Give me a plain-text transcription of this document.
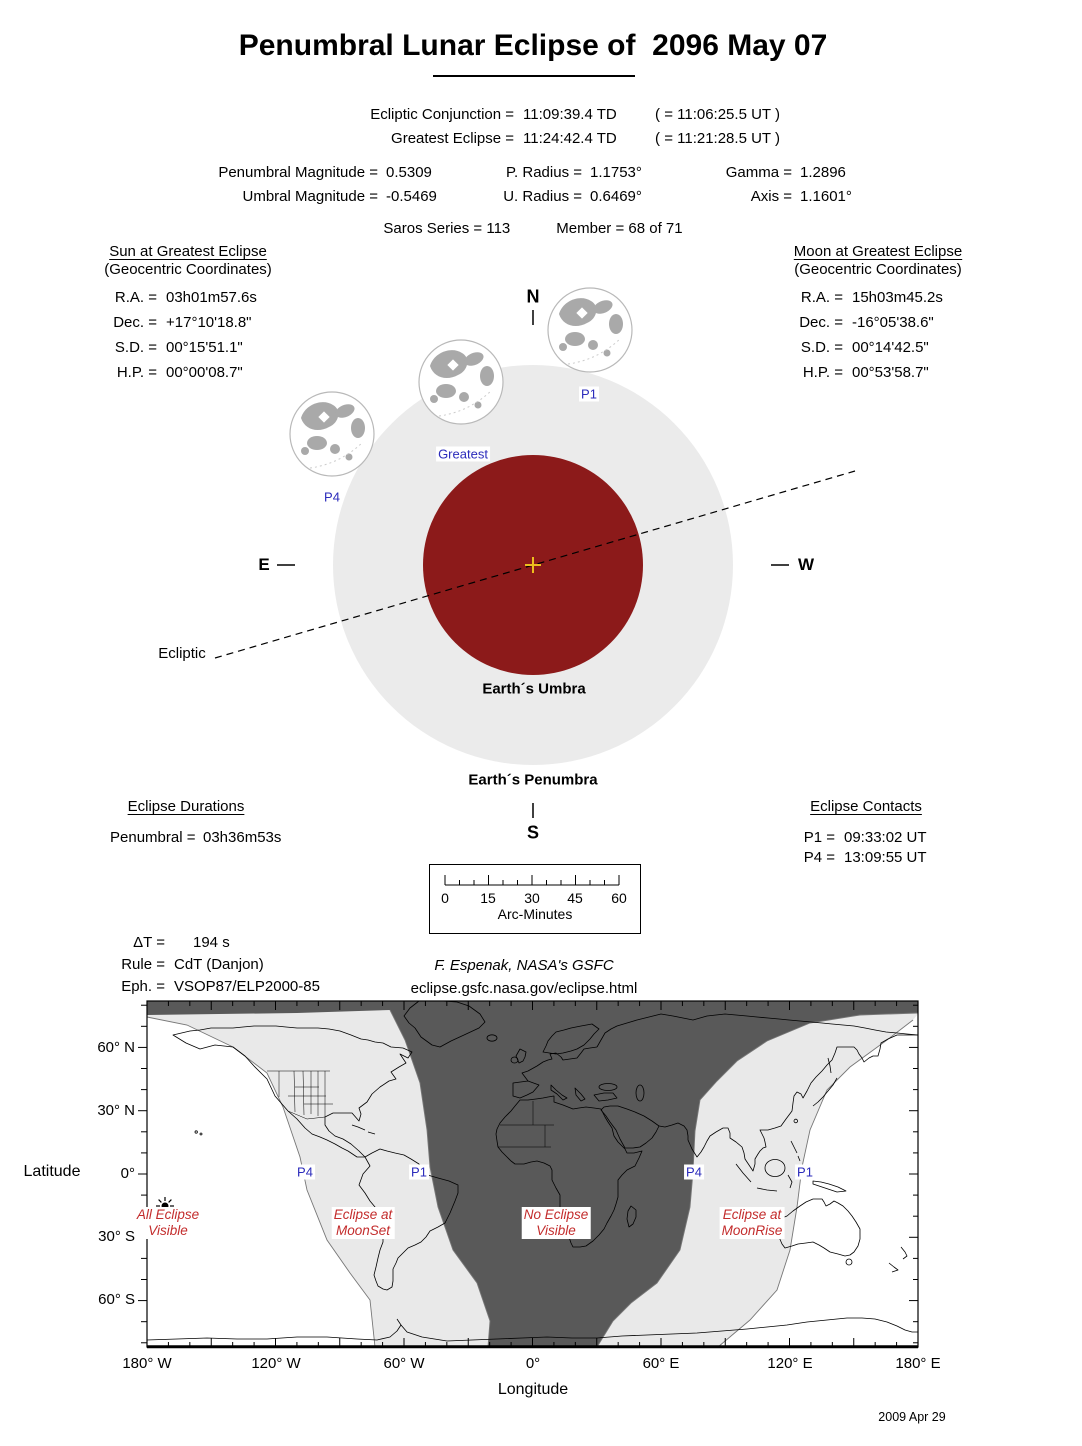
Penumbral Lunar Eclipse of  2096 May 07
Ecliptic Conjunction = 11:09:39.4 TD	( = 11:06:25.5 UT )
Greatest Eclipse = 11:24:42.4 TD	( = 11:21:28.5 UT )
Penumbral Magnitude = 0.5309	P. Radius = 1.1753°	Gamma = 1.2896
Umbral Magnitude = -0.5469	U. Radius = 0.6469°	Axis = 1.1601°
Saros Series = 113	Member = 68 of 71
Sun at Greatest Eclipse
(Geocentric Coordinates)
R.A. = 03h01m57.6s
Dec. = +17°10'18.8"
S.D. = 00°15'51.1"
H.P. = 00°00'08.7"
Moon at Greatest Eclipse
(Geocentric Coordinates)
R.A. = 15h03m45.2s
Dec. = -16°05'38.6"
S.D. = 00°14'42.5"
H.P. = 00°53'58.7"
N
S
E	W
Ecliptic
P1
Greatest
P4
Earth´s Umbra
Earth´s Penumbra
Eclipse Durations
Penumbral = 03h36m53s
Eclipse Contacts
P1 = 09:33:02 UT
P4 = 13:09:55 UT
0 15 30 45 60
Arc-Minutes
ΔT =	194 s
Rule = CdT (Danjon)
Eph. = VSOP87/ELP2000-85
F. Espenak, NASA's GSFC
eclipse.gsfc.nasa.gov/eclipse.html

All Eclipse
Visible

Eclipse at
MoonSet

No Eclipse
Visible

Eclipse at
MoonRise

P4	P1	P4	P1
Latitude
60° N
30° N
0°
30° S
60° S
180° W	120° W	60° W	0°	60° E	120° E	180° E
Longitude
2009 Apr 29
